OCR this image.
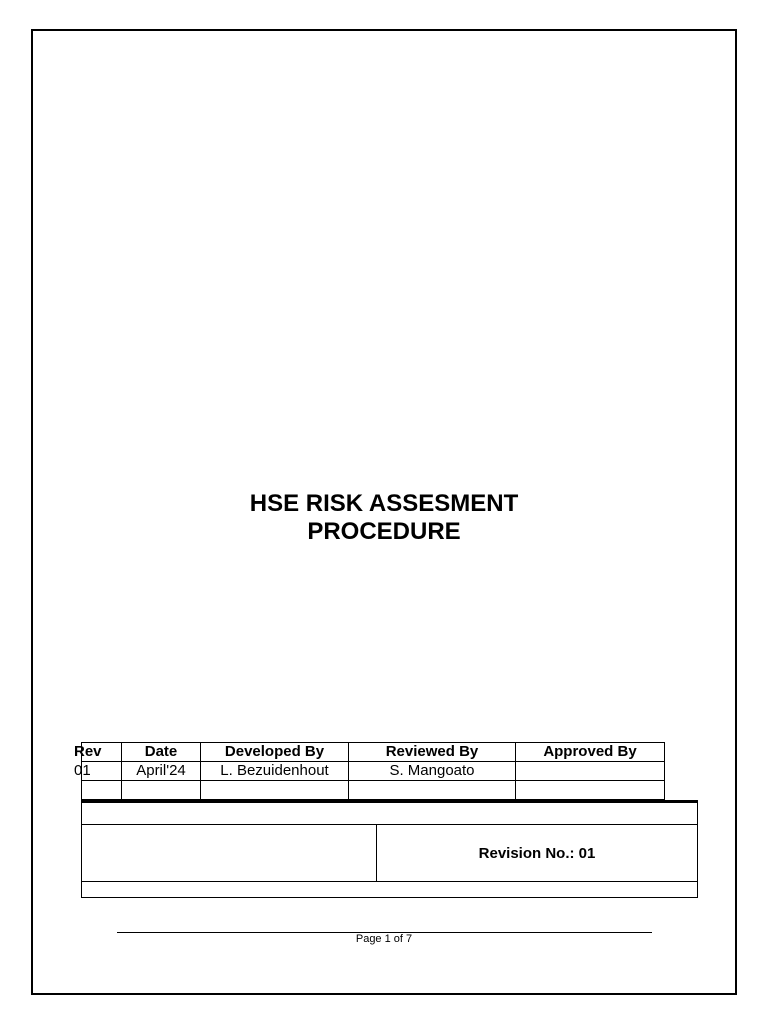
HSE RISK ASSESMENT
PROCEDURE
Rev	Date	Developed By	Reviewed By	Approved By
01	April'24	L. Bezuidenhout	S. Mangoato	

Revision No.: 01
Page 1 of 7
